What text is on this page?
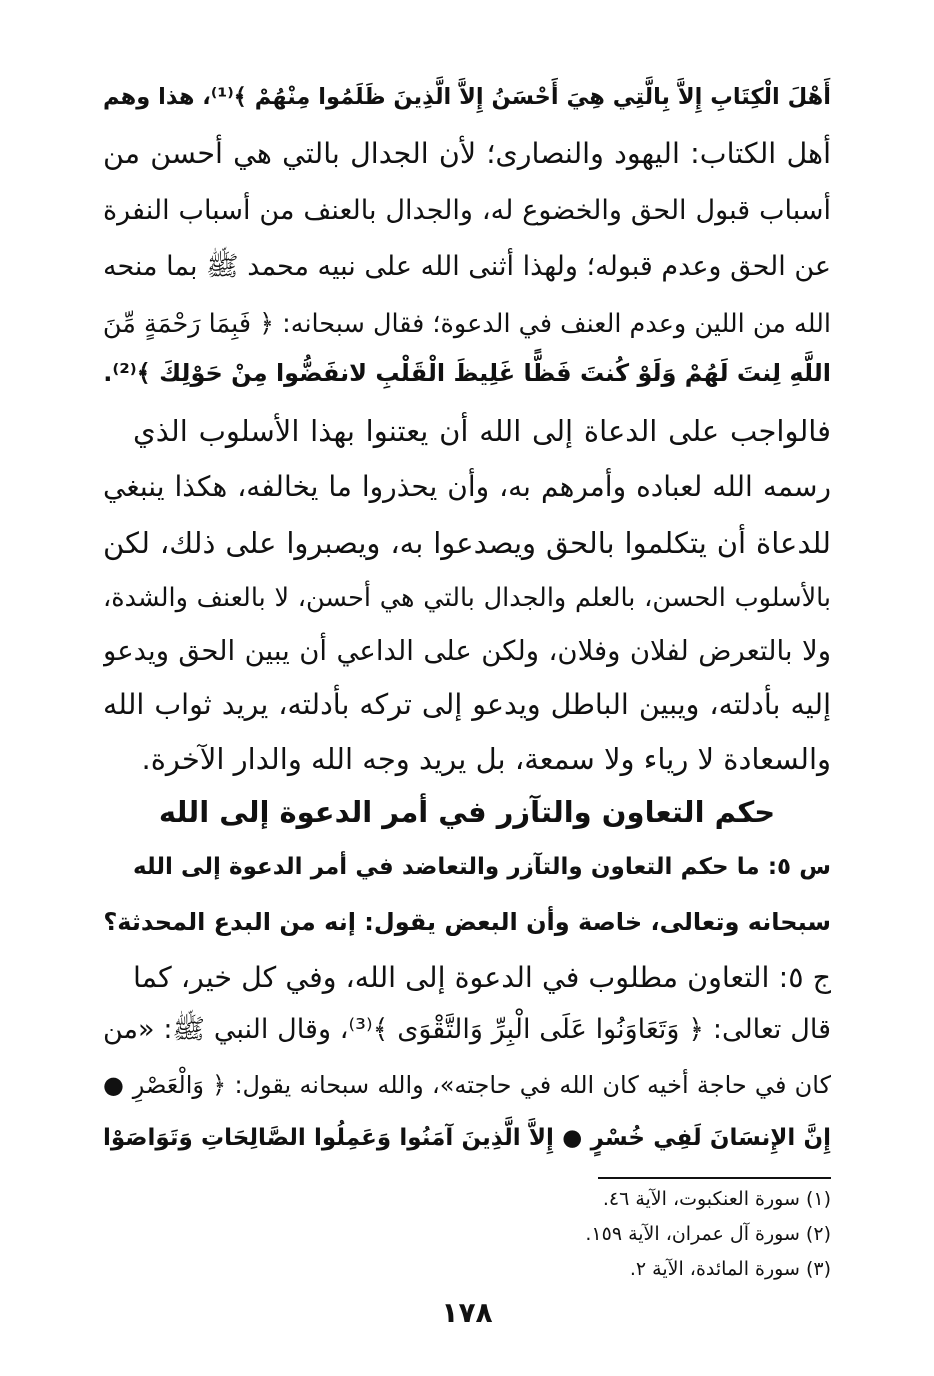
أَهْلَ الْكِتَابِ إِلاَّ بِالَّتِي هِيَ أَحْسَنُ إِلاَّ الَّذِينَ ظَلَمُوا مِنْهُمْ ﴾⁽¹⁾، هذا وهم
أهل الكتاب: اليهود والنصارى؛ لأن الجدال بالتي هي أحسن من
أسباب قبول الحق والخضوع له، والجدال بالعنف من أسباب النفرة
عن الحق وعدم قبوله؛ ولهذا أثنى الله على نبيه محمد ﷺ بما منحه
الله من اللين وعدم العنف في الدعوة؛ فقال سبحانه: ﴿ فَبِمَا رَحْمَةٍ مِّنَ
اللَّهِ لِنتَ لَهُمْ وَلَوْ كُنتَ فَظًّا غَلِيظَ الْقَلْبِ لانفَضُّوا مِنْ حَوْلِكَ ﴾⁽²⁾.
فالواجب على الدعاة إلى الله أن يعتنوا بهذا الأسلوب الذي
رسمه الله لعباده وأمرهم به، وأن يحذروا ما يخالفه، هكذا ينبغي
للدعاة أن يتكلموا بالحق ويصدعوا به، ويصبروا على ذلك، لكن
بالأسلوب الحسن، بالعلم والجدال بالتي هي أحسن، لا بالعنف والشدة،
ولا بالتعرض لفلان وفلان، ولكن على الداعي أن يبين الحق ويدعو
إليه بأدلته، ويبين الباطل ويدعو إلى تركه بأدلته، يريد ثواب الله
والسعادة لا رياء ولا سمعة، بل يريد وجه الله والدار الآخرة.
حكم التعاون والتآزر في أمر الدعوة إلى الله
س ٥: ما حكم التعاون والتآزر والتعاضد في أمر الدعوة إلى الله
سبحانه وتعالى، خاصة وأن البعض يقول: إنه من البدع المحدثة؟
ج ٥: التعاون مطلوب في الدعوة إلى الله، وفي كل خير، كما
قال تعالى: ﴿ وَتَعَاوَنُوا عَلَى الْبِرِّ وَالتَّقْوَى ﴾⁽³⁾، وقال النبي ﷺ: «من
كان في حاجة أخيه كان الله في حاجته»، والله سبحانه يقول: ﴿ وَالْعَصْرِ ●
إِنَّ الإِنسَانَ لَفِي خُسْرٍ ● إِلاَّ الَّذِينَ آمَنُوا وَعَمِلُوا الصَّالِحَاتِ وَتَوَاصَوْا
(١) سورة العنكبوت، الآية ٤٦.
(٢) سورة آل عمران، الآية ١٥٩.
(٣) سورة المائدة، الآية ٢.
١٧٨
